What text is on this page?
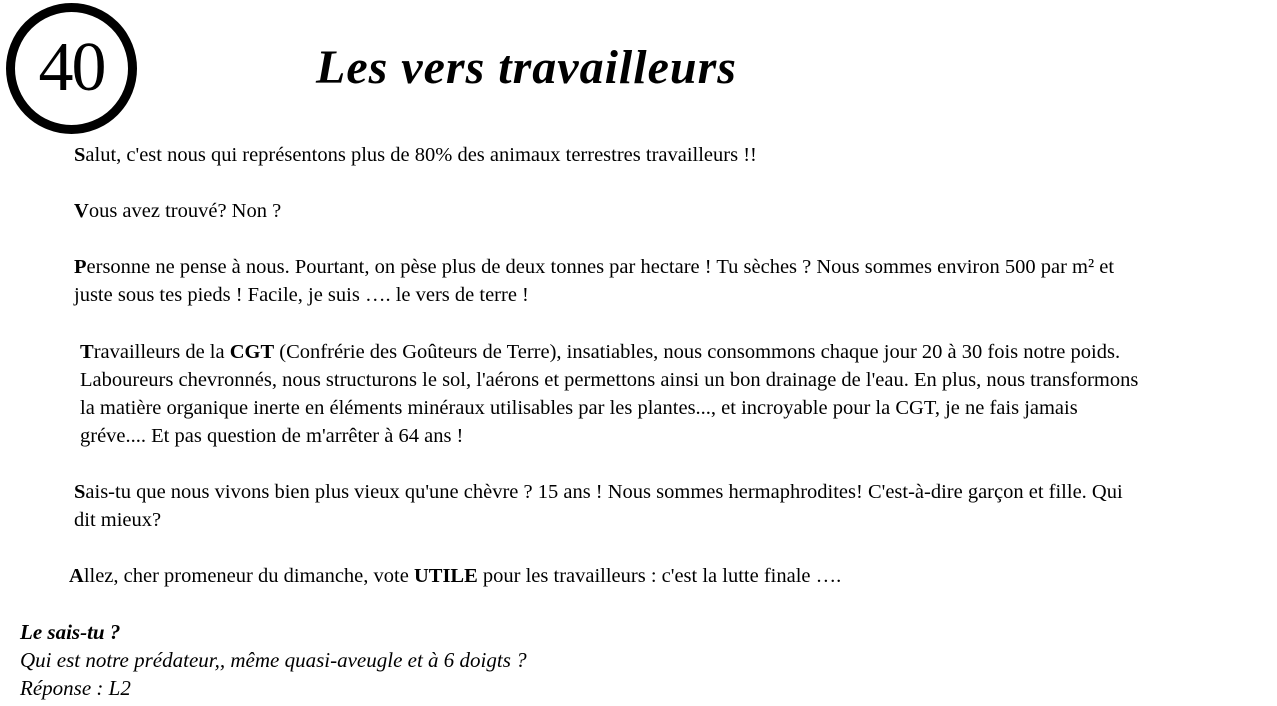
40	Les vers travailleurs

Salut, c'est nous qui représentons plus de 80% des animaux terrestres travailleurs !!

Vous avez trouvé? Non ?

Personne ne pense à nous. Pourtant, on pèse plus de deux tonnes par hectare ! Tu sèches ? Nous sommes environ 500 par m² et juste sous tes pieds ! Facile, je suis …. le vers de terre !

Travailleurs de la CGT (Confrérie des Goûteurs de Terre), insatiables, nous consommons chaque jour 20 à 30 fois notre poids. Laboureurs chevronnés, nous structurons le sol, l'aérons et permettons ainsi un bon drainage de l'eau. En plus, nous transformons la matière organique inerte en éléments minéraux utilisables par les plantes..., et incroyable pour la CGT, je ne fais jamais gréve.... Et pas question de m'arrêter à 64 ans !

Sais-tu que nous vivons bien plus vieux qu'une chèvre ? 15 ans ! Nous sommes hermaphrodites! C'est-à-dire garçon et fille. Qui dit mieux?

Allez, cher promeneur du dimanche, vote UTILE pour les travailleurs : c'est la lutte finale ….

Le sais-tu ?
Qui est notre prédateur,, même quasi-aveugle et à 6 doigts ?
Réponse : L2
